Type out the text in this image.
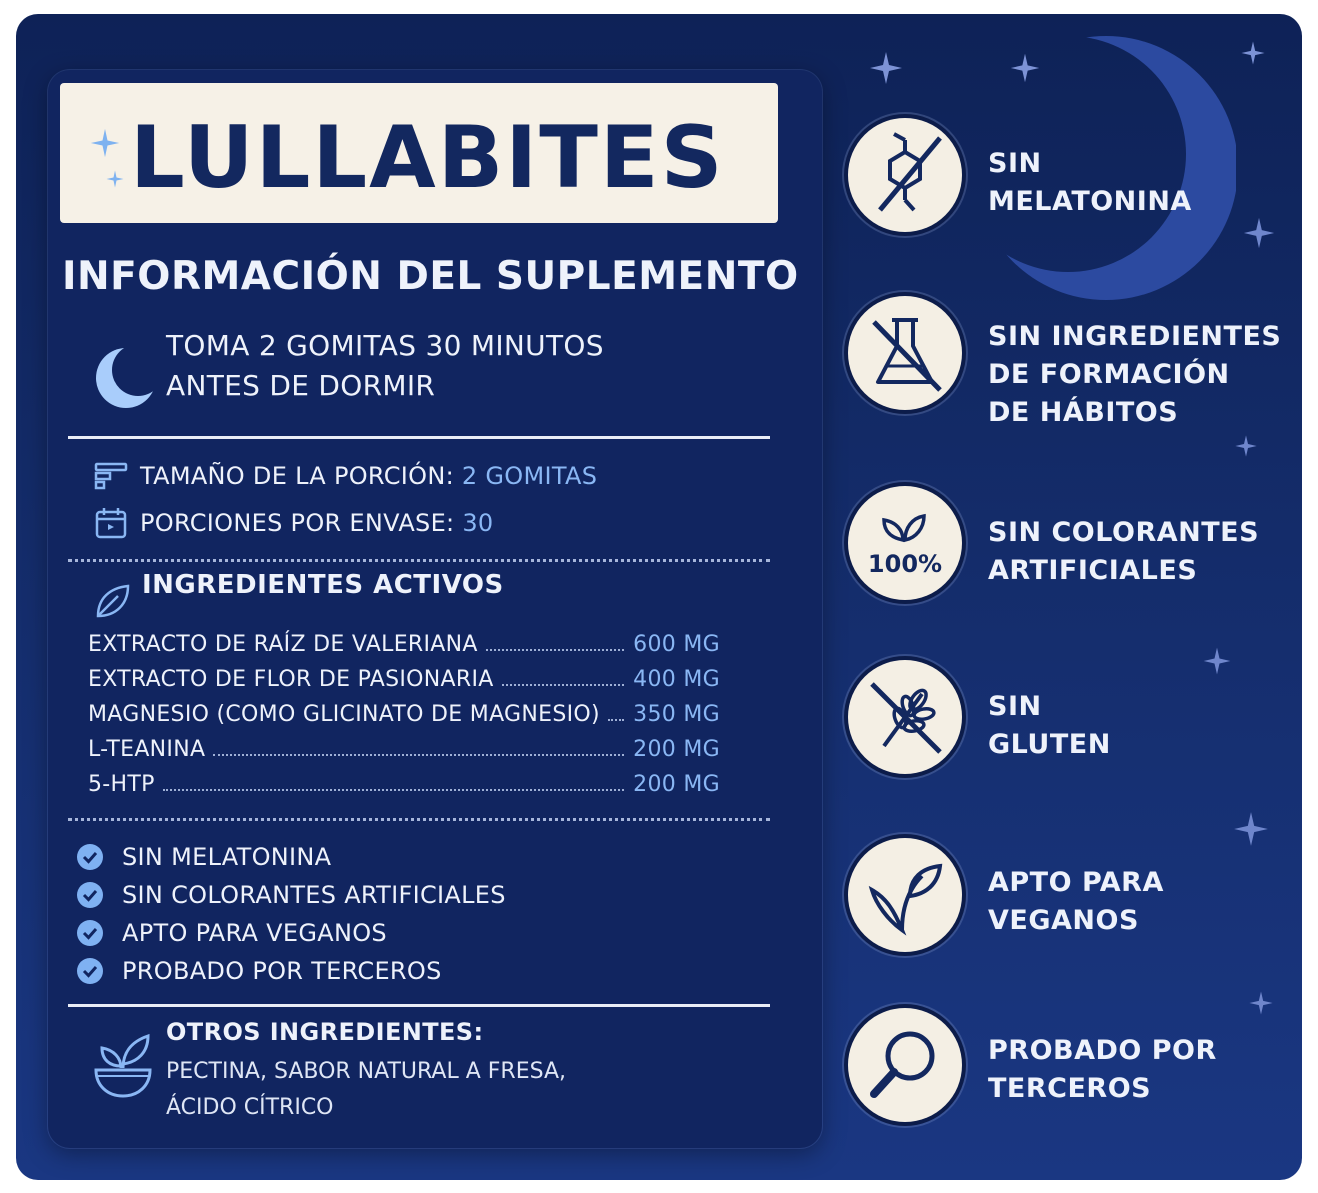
LULLABITES
INFORMACIÓN DEL SUPLEMENTO
TOMA 2 GOMITAS 30 MINUTOS
ANTES DE DORMIR
TAMAÑO DE LA PORCIÓN: 2 GOMITAS
PORCIONES POR ENVASE: 30
INGREDIENTES ACTIVOS
EXTRACTO DE RAÍZ DE VALERIANA	600 MG
EXTRACTO DE FLOR DE PASIONARIA	400 MG
MAGNESIO (COMO GLICINATO DE MAGNESIO) 350 MG
L-TEANINA	200 MG
5-HTP	200 MG
SIN MELATONINA
SIN COLORANTES ARTIFICIALES
APTO PARA VEGANOS
PROBADO POR TERCEROS
OTROS INGREDIENTES:
PECTINA, SABOR NATURAL A FRESA,
ÁCIDO CÍTRICO
SIN
MELATONINA
SIN INGREDIENTES
DE FORMACIÓN
DE HÁBITOS
100%
SIN COLORANTES
ARTIFICIALES
SIN
GLUTEN
APTO PARA
VEGANOS
PROBADO POR
TERCEROS
